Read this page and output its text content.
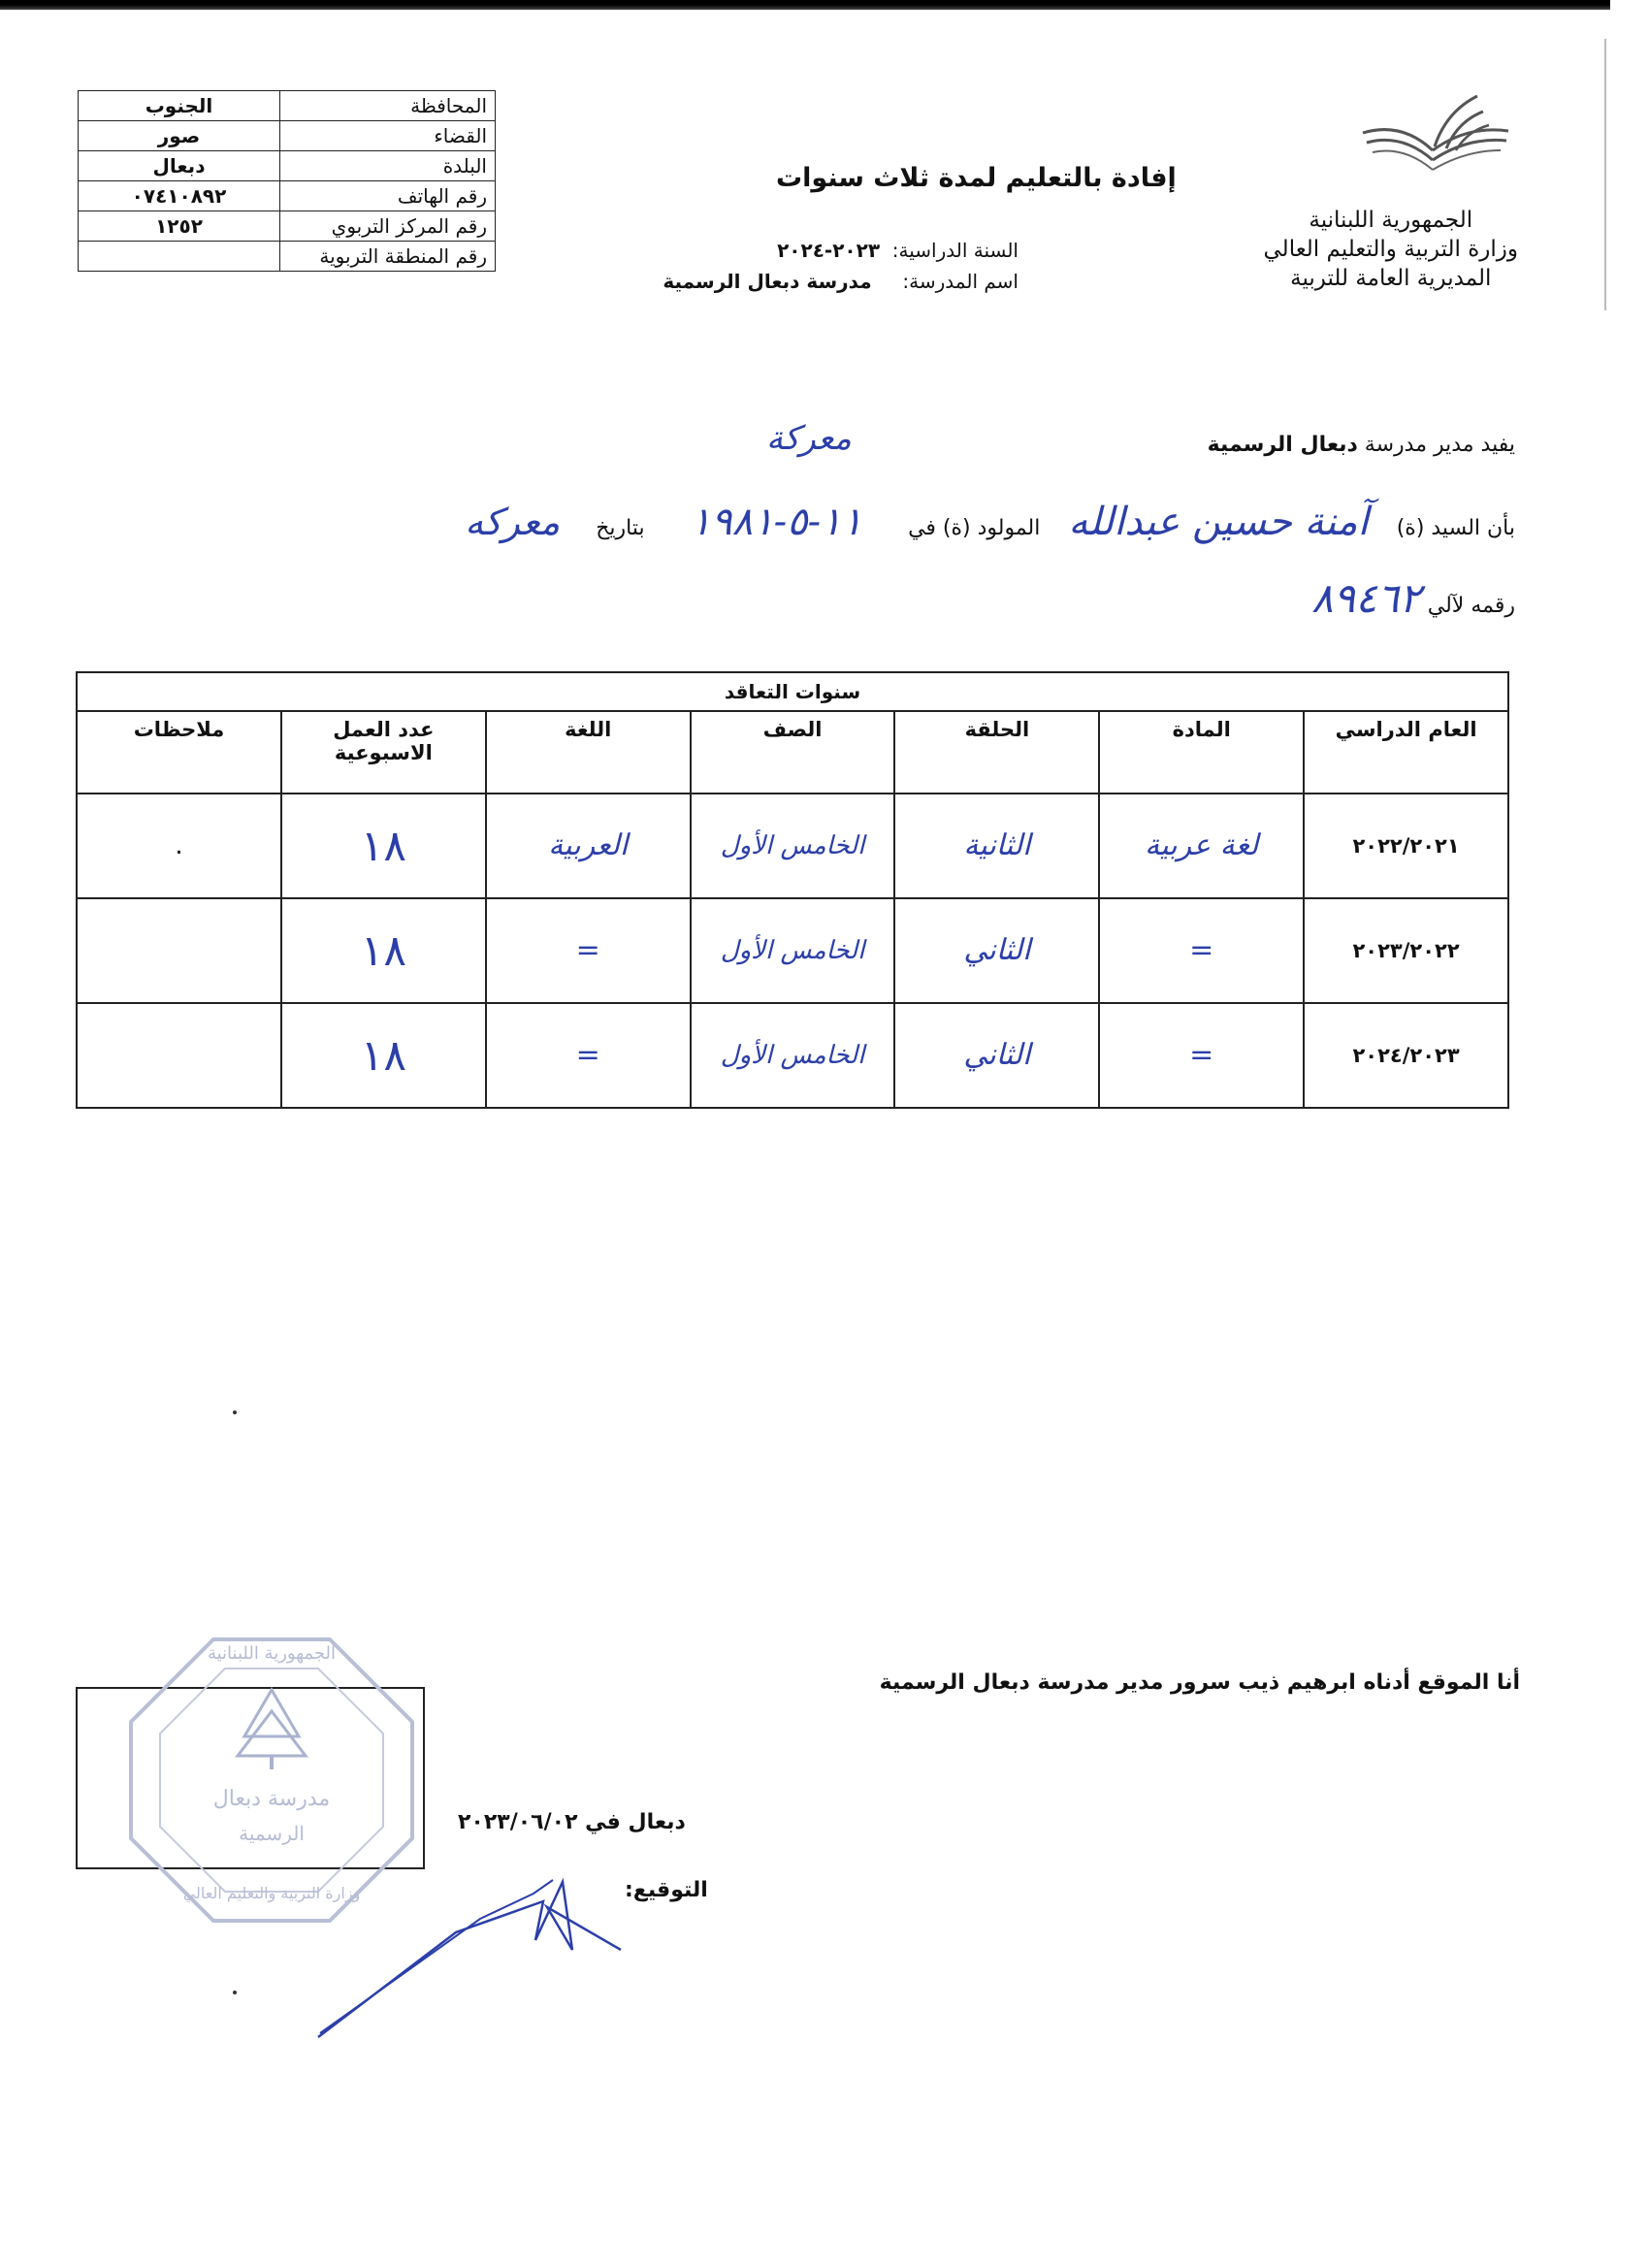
المحافظة	الجنوب
القضاء	صور
البلدة	دبعال
رقم الهاتف	٠٧٤١٠٨٩٢
رقم المركز التربوي	١٢٥٢
رقم المنطقة التربوية	
الجمهورية اللبنانية
وزارة التربية والتعليم العالي
المديرية العامة للتربية
إفادة بالتعليم لمدة ثلاث سنوات
السنة الدراسية:  ٢٠٢٣-٢٠٢٤
اسم المدرسة:     مدرسة دبعال الرسمية
يفيد مدير مدرسة دبعال الرسمية
معركة
بأن السيد (ة) آمنة حسين عبدالله المولود (ة) في ١١-٥-١٩٨١ بتاريخ معركه
رقمه لآلي ٨٩٤٦٢
سنوات التعاقد						
العام الدراسي	المادة	الحلقة	الصف	اللغة	عدد العمل الاسبوعية	ملاحظات
٢٠٢٢/٢٠٢١	لغة عربية	الثانية	الخامس الأول	العربية	١٨	.
٢٠٢٣/٢٠٢٢	=	الثاني	الخامس الأول	=	١٨	
٢٠٢٤/٢٠٢٣	=	الثاني	الخامس الأول	=	١٨	
أنا الموقع أدناه ابرهيم ذيب سرور مدير مدرسة دبعال الرسمية
الجمهورية اللبنانية
مدرسة دبعال
الرسمية
وزارة التربية والتعليم العالي
دبعال في ٢٠٢٣/٠٦/٠٢
التوقيع:
